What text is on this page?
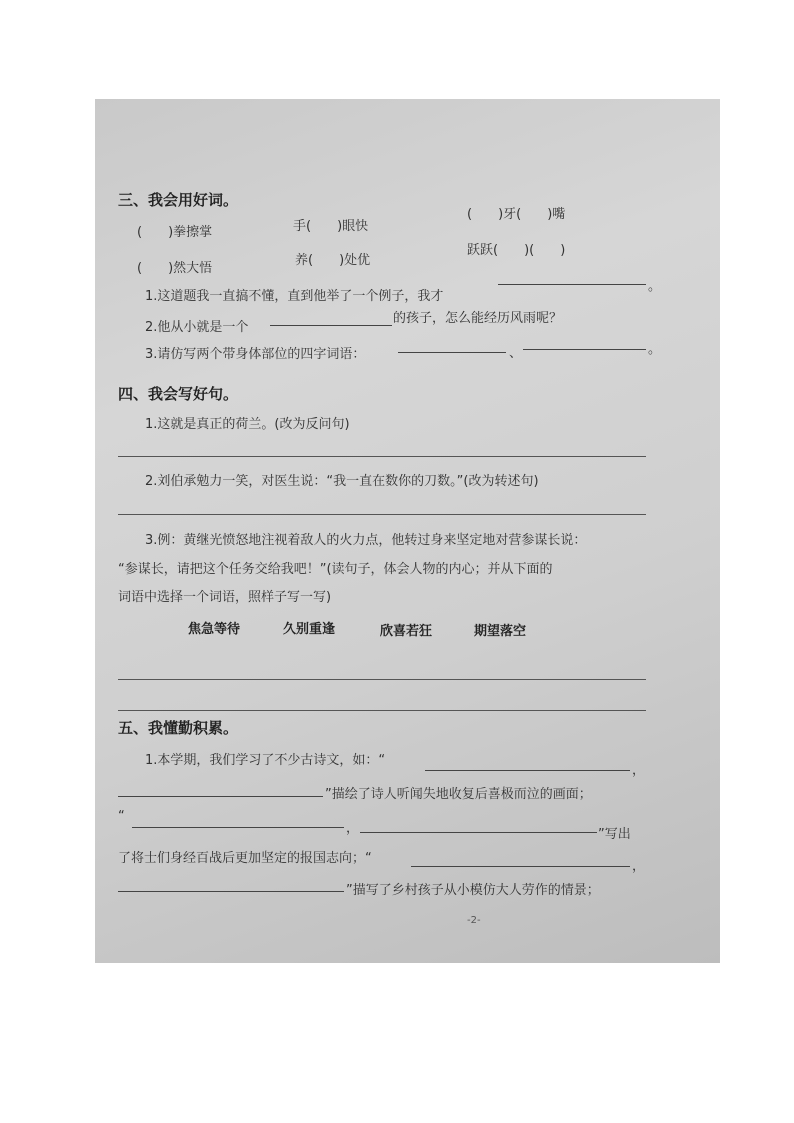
三、我会用好词。
(　　)拳擦掌	手(　　)眼快
(　　)牙(　　)嘴
(　　)然大悟
养(　　)处优
跃跃(　　)(　　)
1.这道题我一直搞不懂，直到他举了一个例子，我才
。
2.他从小就是一个
的孩子，怎么能经历风雨呢？
3.请仿写两个带身体部位的四字词语：	、	。
四、我会写好句。
1.这就是真正的荷兰。(改为反问句)
2.刘伯承勉力一笑，对医生说：“我一直在数你的刀数。”(改为转述句)
3.例：黄继光愤怒地注视着敌人的火力点，他转过身来坚定地对营参谋长说：
“参谋长，请把这个任务交给我吧！”(读句子，体会人物的内心；并从下面的
词语中选择一个词语，照样子写一写)
焦急等待	久别重逢	欣喜若狂	期望落空
五、我懂勤积累。
1.本学期，我们学习了不少古诗文，如：“
，
”描绘了诗人听闻失地收复后喜极而泣的画面；
“
，	”写出
了将士们身经百战后更加坚定的报国志向；“
，
”描写了乡村孩子从小模仿大人劳作的情景；
-2-
